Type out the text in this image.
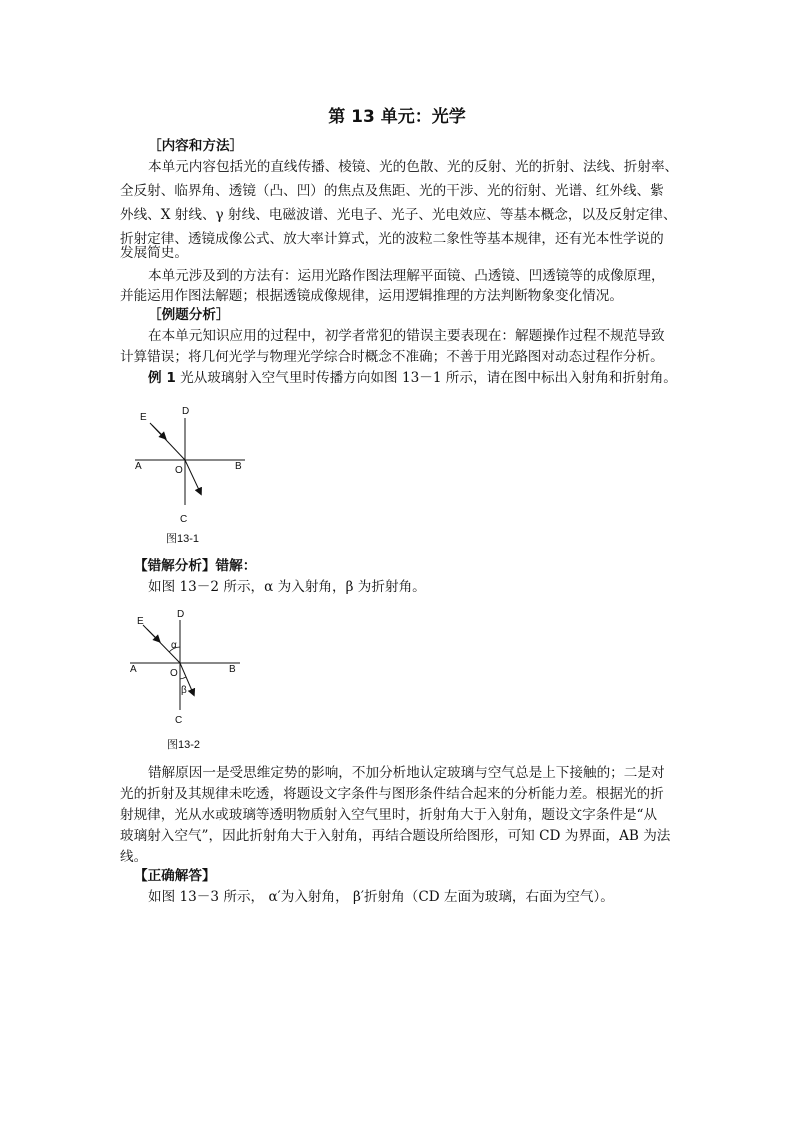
第 13 单元：光学
［内容和方法］
本单元内容包括光的直线传播、棱镜、光的色散、光的反射、光的折射、法线、折射率、
全反射、临界角、透镜（凸、凹）的焦点及焦距、光的干涉、光的衍射、光谱、红外线、紫
外线、X 射线、γ 射线、电磁波谱、光电子、光子、光电效应、等基本概念，以及反射定律、
折射定律、透镜成像公式、放大率计算式，光的波粒二象性等基本规律，还有光本性学说的
发展简史。
本单元涉及到的方法有：运用光路作图法理解平面镜、凸透镜、凹透镜等的成像原理，
并能运用作图法解题；根据透镜成像规律，运用逻辑推理的方法判断物象变化情况。
［例题分析］
在本单元知识应用的过程中，初学者常犯的错误主要表现在：解题操作过程不规范导致
计算错误；将几何光学与物理光学综合时概念不准确；不善于用光路图对动态过程作分析。
例 1 光从玻璃射入空气里时传播方向如图 13－1 所示，请在图中标出入射角和折射角。
E
D
A	O	B
C
图13-1
【错解分析】错解：
如图 13－2 所示，α 为入射角，β 为折射角。
E
D
α
A	O	B
β
C
图13-2
错解原因一是受思维定势的影响，不加分析地认定玻璃与空气总是上下接触的；二是对
光的折射及其规律未吃透，将题设文字条件与图形条件结合起来的分析能力差。根据光的折
射规律，光从水或玻璃等透明物质射入空气里时，折射角大于入射角，题设文字条件是“从
玻璃射入空气”，因此折射角大于入射角，再结合题设所给图形，可知 CD 为界面，AB 为法
线。
【正确解答】
如图 13－3 所示， α′为入射角， β′折射角（CD 左面为玻璃，右面为空气）。
